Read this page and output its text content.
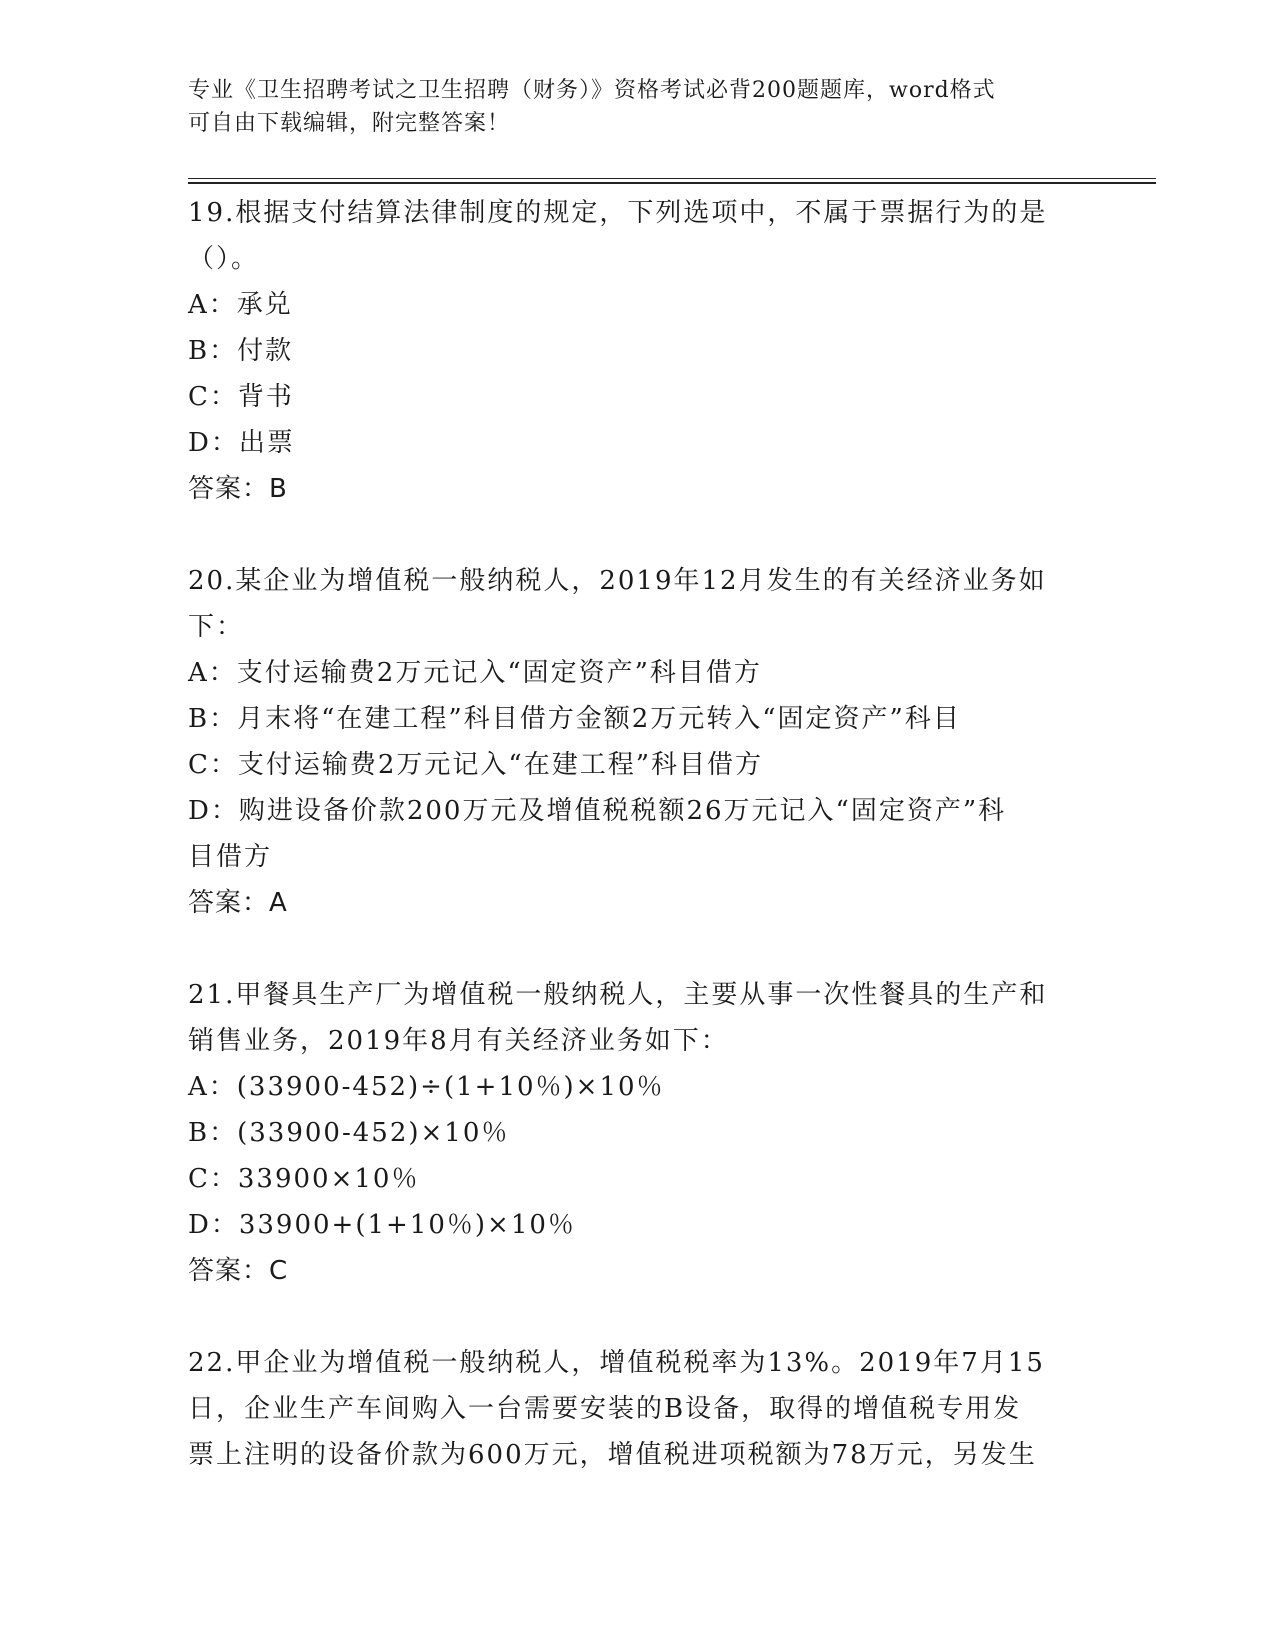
专业《卫生招聘考试之卫生招聘（财务）》资格考试必背200题题库，word格式
可自由下载编辑，附完整答案！

19.根据支付结算法律制度的规定，下列选项中，不属于票据行为的是

（）。

A：承兑

B：付款

C：背书

D：出票

答案：B

20.某企业为增值税一般纳税人，2019年12月发生的有关经济业务如

下：

A：支付运输费2万元记入“固定资产”科目借方

B：月末将“在建工程”科目借方金额2万元转入“固定资产”科目

C：支付运输费2万元记入“在建工程”科目借方

D：购进设备价款200万元及增值税税额26万元记入“固定资产”科

目借方

答案：A

21.甲餐具生产厂为增值税一般纳税人，主要从事一次性餐具的生产和

销售业务，2019年8月有关经济业务如下：

A：(33900-452)÷(1+10％)×10％

B：(33900-452)×10％

C：33900×10％

D：33900+(1+10％)×10％

答案：C

22.甲企业为增值税一般纳税人，增值税税率为13%。2019年7月15

日，企业生产车间购入一台需要安装的B设备，取得的增值税专用发

票上注明的设备价款为600万元，增值税进项税额为78万元，另发生
